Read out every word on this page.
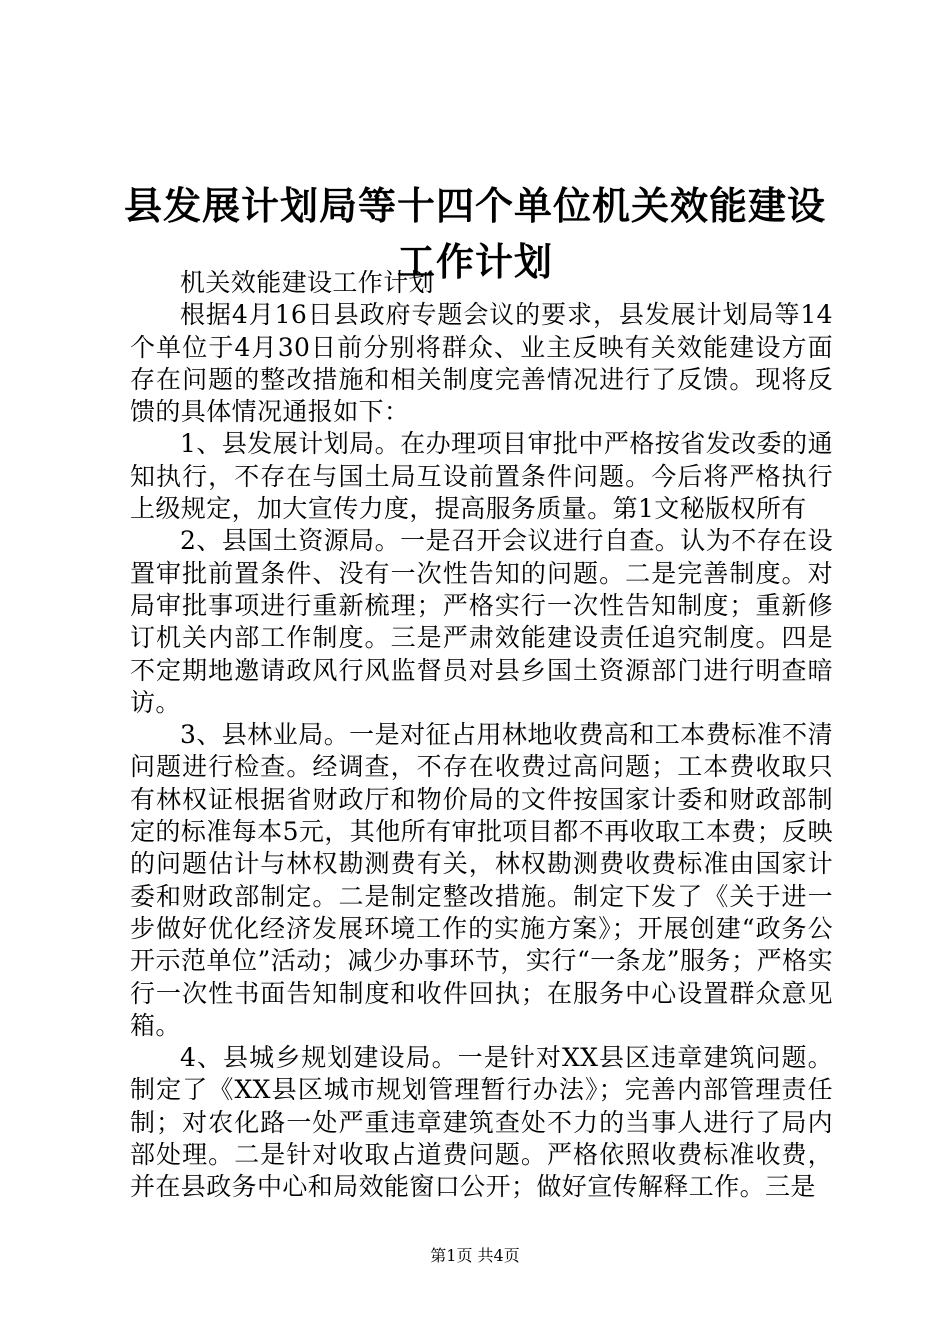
县发展计划局等十四个单位机关效能建设工作计划

机关效能建设工作计划

根据4月16日县政府专题会议的要求，县发展计划局等14个单位于4月30日前分别将群众、业主反映有关效能建设方面存在问题的整改措施和相关制度完善情况进行了反馈。现将反馈的具体情况通报如下：

1、县发展计划局。在办理项目审批中严格按省发改委的通知执行，不存在与国土局互设前置条件问题。今后将严格执行上级规定，加大宣传力度，提高服务质量。第1文秘版权所有

2、县国土资源局。一是召开会议进行自查。认为不存在设置审批前置条件、没有一次性告知的问题。二是完善制度。对局审批事项进行重新梳理；严格实行一次性告知制度；重新修订机关内部工作制度。三是严肃效能建设责任追究制度。四是不定期地邀请政风行风监督员对县乡国土资源部门进行明查暗访。

3、县林业局。一是对征占用林地收费高和工本费标准不清问题进行检查。经调查，不存在收费过高问题；工本费收取只有林权证根据省财政厅和物价局的文件按国家计委和财政部制定的标准每本5元，其他所有审批项目都不再收取工本费；反映的问题估计与林权勘测费有关，林权勘测费收费标准由国家计委和财政部制定。二是制定整改措施。制定下发了《关于进一步做好优化经济发展环境工作的实施方案》；开展创建“政务公开示范单位”活动；减少办事环节，实行“一条龙”服务；严格实行一次性书面告知制度和收件回执；在服务中心设置群众意见箱。

4、县城乡规划建设局。一是针对XX县区违章建筑问题。制定了《XX县区城市规划管理暂行办法》；完善内部管理责任制；对农化路一处严重违章建筑查处不力的当事人进行了局内部处理。二是针对收取占道费问题。严格依照收费标准收费，并在县政务中心和局效能窗口公开；做好宣传解释工作。三是

第1页 共4页
